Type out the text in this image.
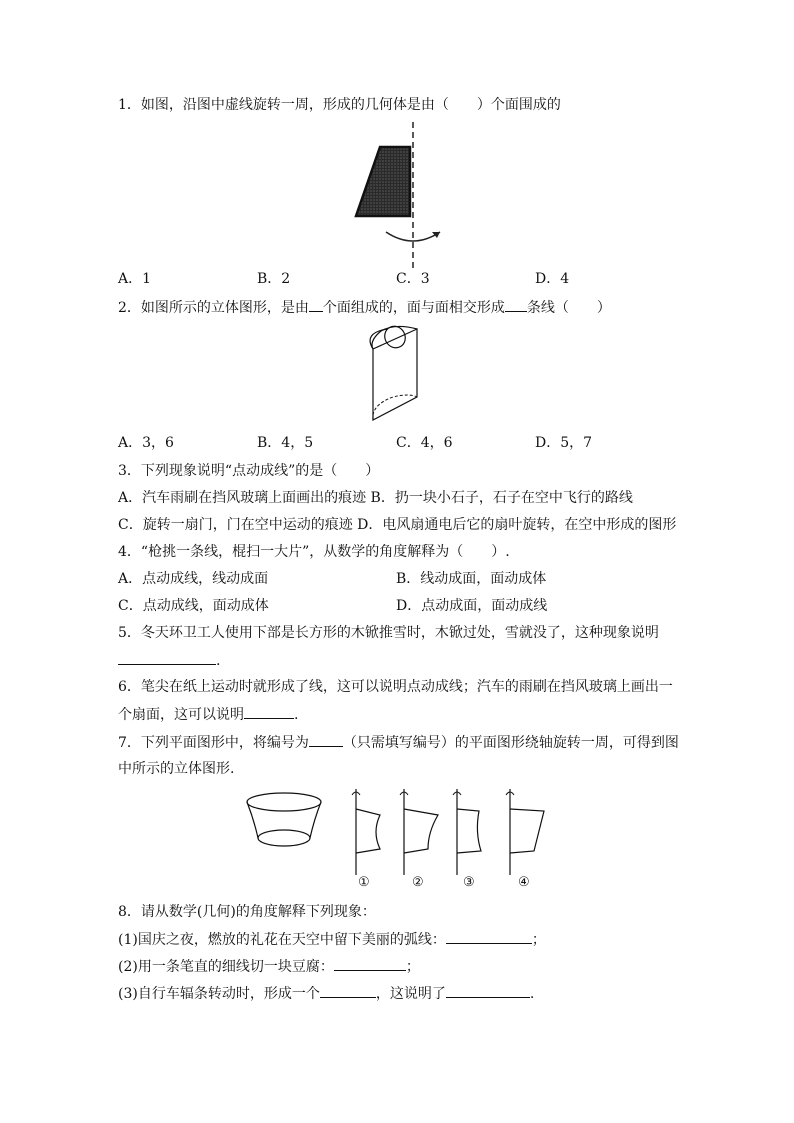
1．如图，沿图中虚线旋转一周，形成的几何体是由（　　）个面围成的
A．1	B．2	C．3	D．4
2．如图所示的立体图形，是由 个面组成的，面与面相交形成 条线（　　）
A．3，6	B．4，5	C．4，6	D．5，7
3．下列现象说明“点动成线”的是（　　）
A．汽车雨刷在挡风玻璃上面画出的痕迹 B．扔一块小石子，石子在空中飞行的路线
C．旋转一扇门，门在空中运动的痕迹 D．电风扇通电后它的扇叶旋转，在空中形成的图形
4．“枪挑一条线，棍扫一大片”，从数学的角度解释为（　　）.
A．点动成线，线动成面	B．线动成面，面动成体
C．点动成线，面动成体	D．点动成面，面动成线
5．冬天环卫工人使用下部是长方形的木锨推雪时，木锨过处，雪就没了，这种现象说明
.
6．笔尖在纸上运动时就形成了线，这可以说明点动成线；汽车的雨刷在挡风玻璃上画出一
个扇面，这可以说明	.
7．下列平面图形中，将编号为 （只需填写编号）的平面图形绕轴旋转一周，可得到图
中所示的立体图形.
①	②	③	④
8．请从数学(几何)的角度解释下列现象：
(1)国庆之夜，燃放的礼花在天空中留下美丽的弧线：	；
(2)用一条笔直的细线切一块豆腐：	；
(3)自行车辐条转动时，形成一个	，这说明了	.
